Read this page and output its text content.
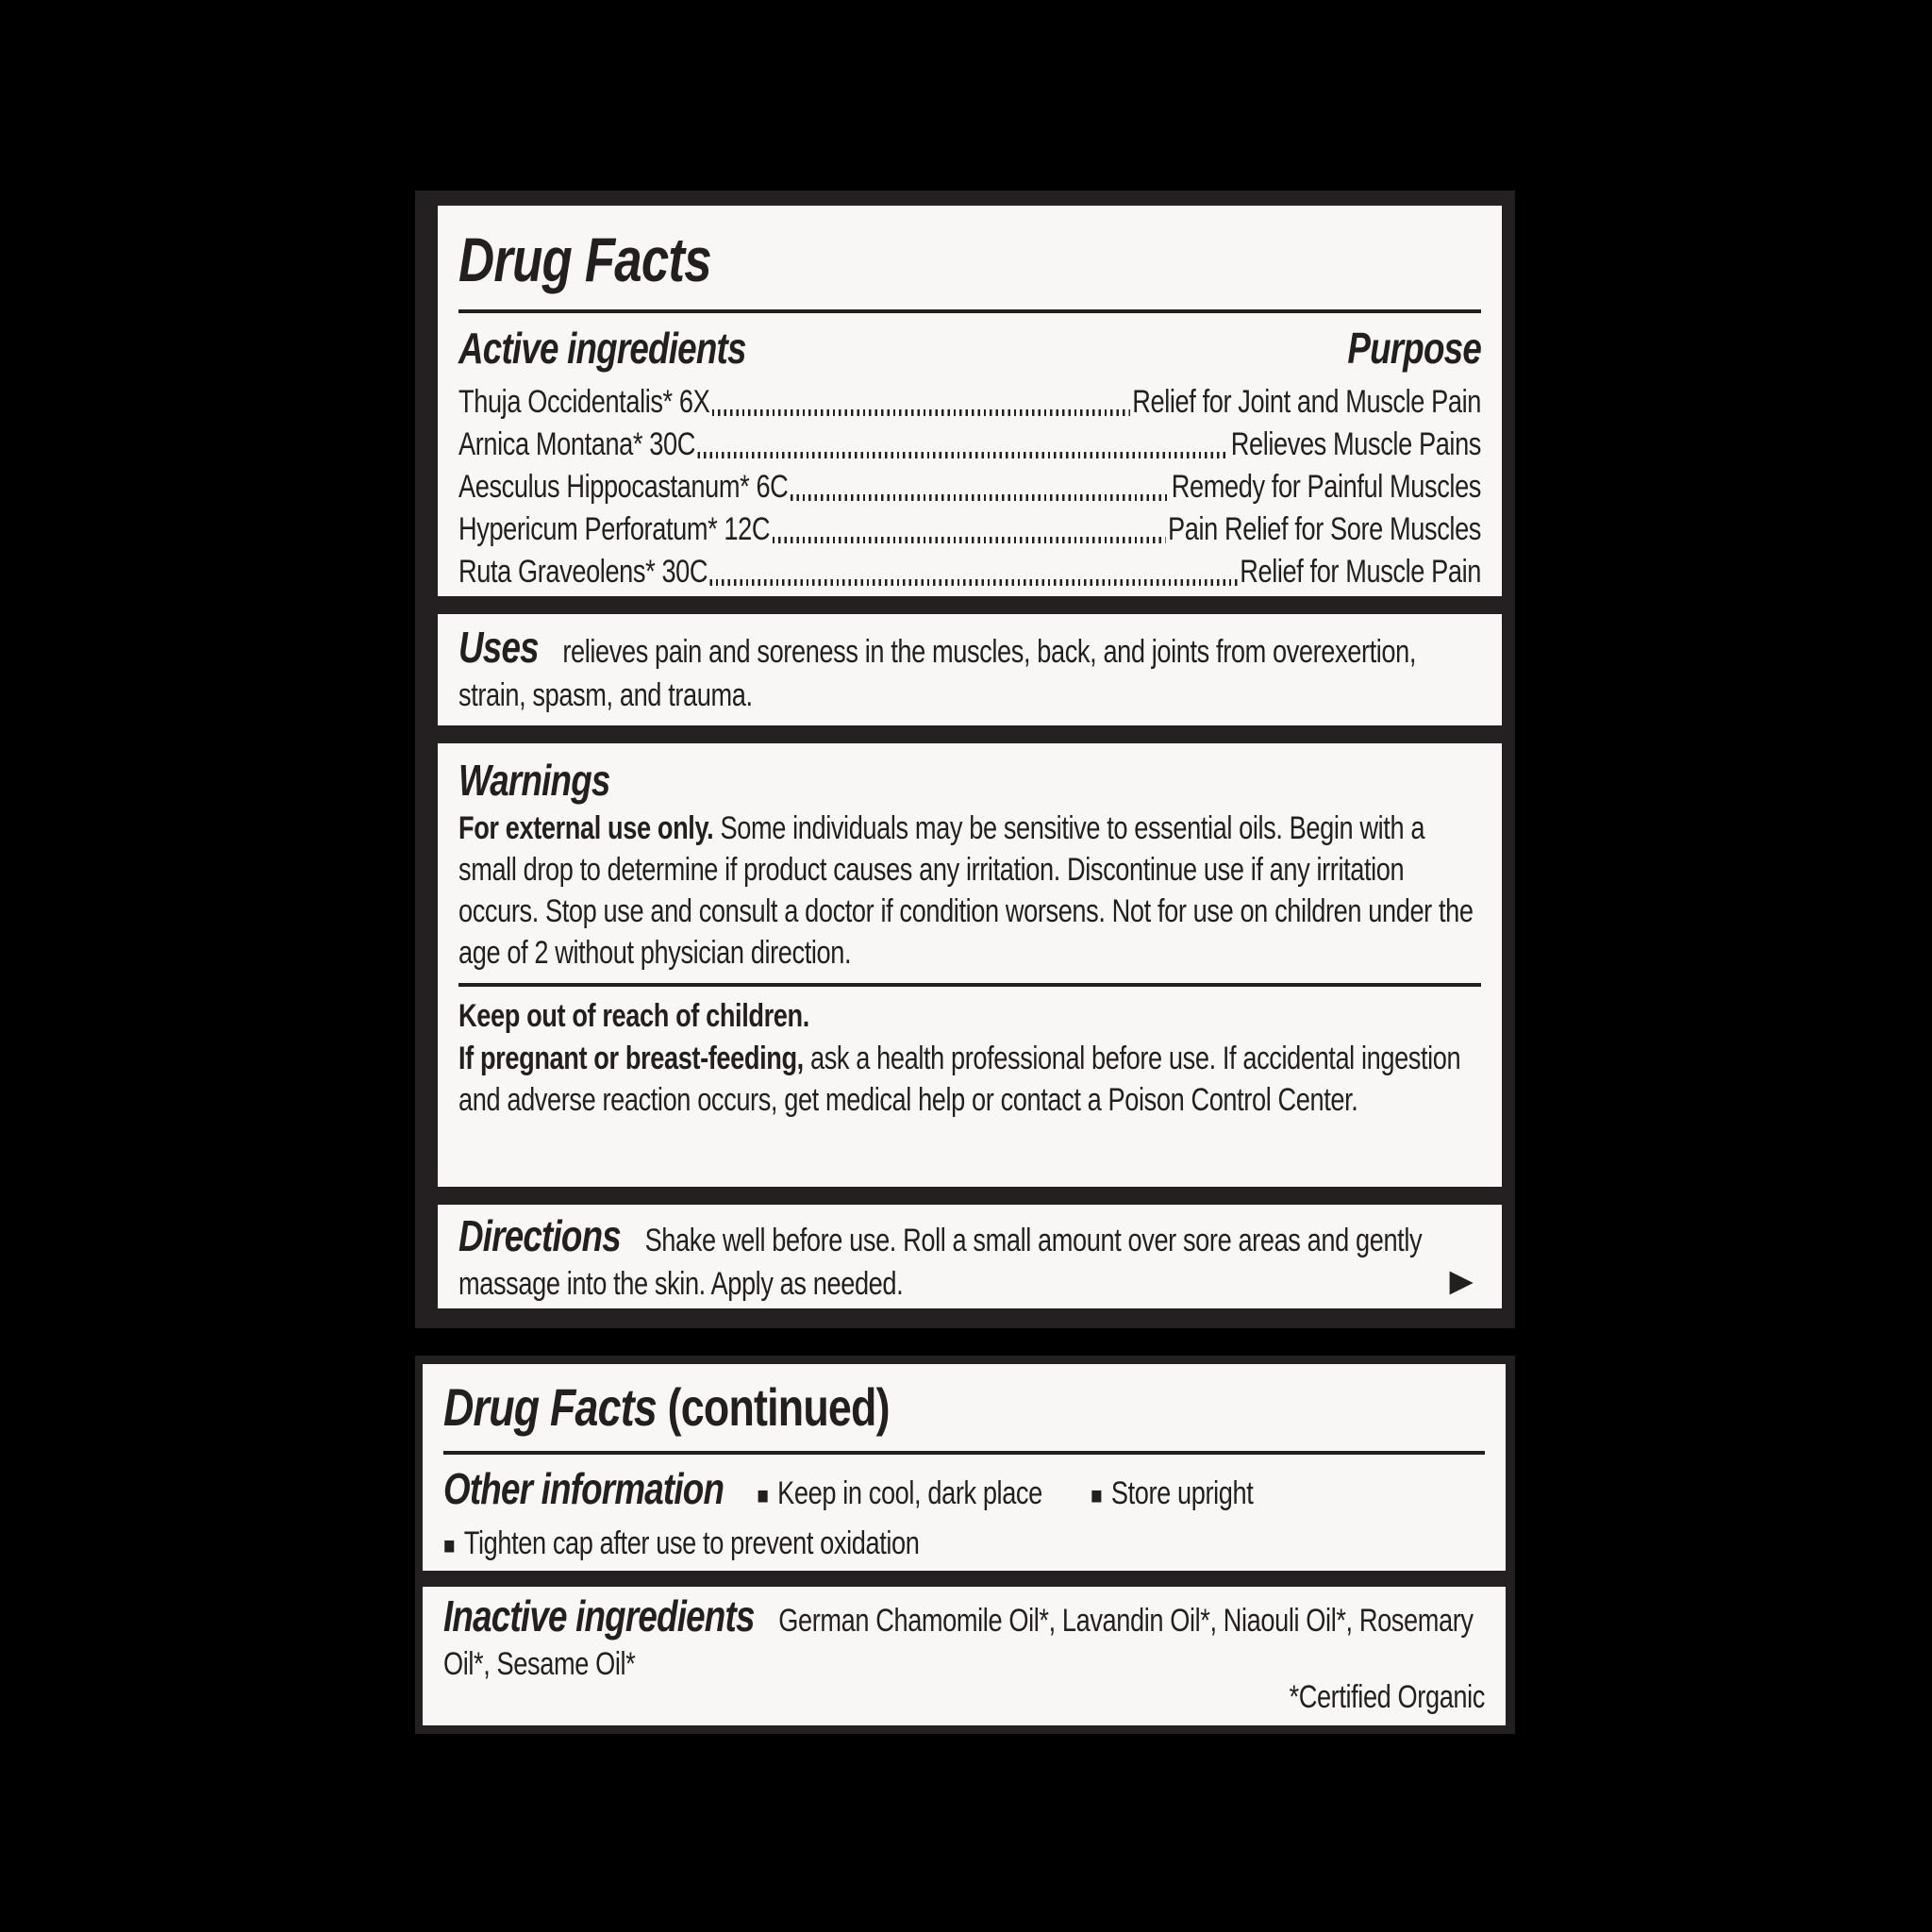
Drug Facts
Active ingredients	Purpose
Thuja Occidentalis* 6X	Relief for Joint and Muscle Pain
Arnica Montana* 30C	Relieves Muscle Pains
Aesculus Hippocastanum* 6C	Remedy for Painful Muscles
Hypericum Perforatum* 12C	Pain Relief for Sore Muscles
Ruta Graveolens* 30C	Relief for Muscle Pain

Uses relieves pain and soreness in the muscles, back, and joints from overexertion, strain, spasm, and trauma.

Warnings

For external use only. Some individuals may be sensitive to essential oils. Begin with a small drop to determine if product causes any irritation. Discontinue use if any irritation occurs. Stop use and consult a doctor if condition worsens. Not for use on children under the age of 2 without physician direction.

Keep out of reach of children.

If pregnant or breast-feeding, ask a health professional before use. If accidental ingestion and adverse reaction occurs, get medical help or contact a Poison Control Center.

Directions Shake well before use. Roll a small amount over sore areas and gently massage into the skin. Apply as needed.	►
Drug Facts (continued)
Other information ■ Keep in cool, dark place ■ Store upright
■ Tighten cap after use to prevent oxidation

Inactive ingredients German Chamomile Oil*, Lavandin Oil*, Niaouli Oil*, Rosemary Oil*, Sesame Oil*

*Certified Organic
